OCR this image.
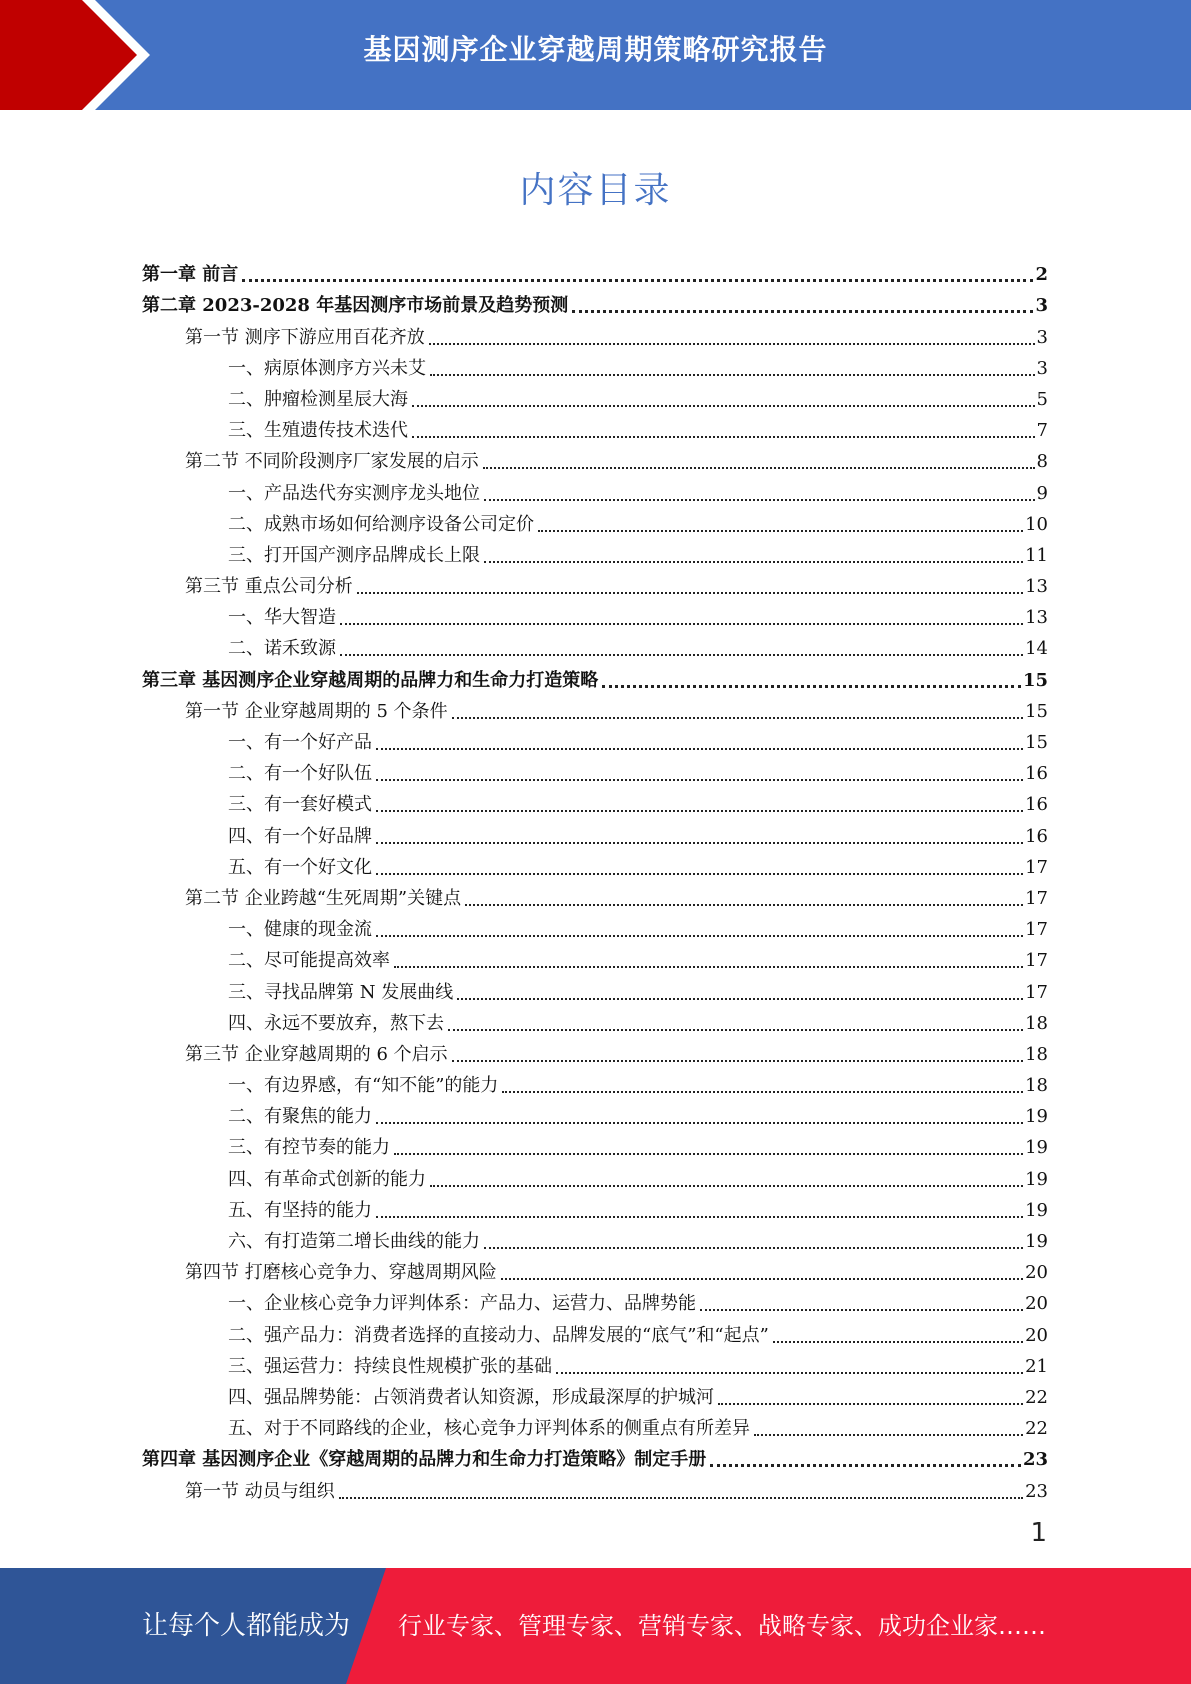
基因测序企业穿越周期策略研究报告
内容目录
第一章 前言	2
第二章 2023-2028 年基因测序市场前景及趋势预测	3
第一节 测序下游应用百花齐放	3
一、病原体测序方兴未艾	3
二、肿瘤检测星辰大海	5
三、生殖遗传技术迭代	7
第二节 不同阶段测序厂家发展的启示	8
一、产品迭代夯实测序龙头地位	9
二、成熟市场如何给测序设备公司定价	10
三、打开国产测序品牌成长上限	11
第三节 重点公司分析	13
一、华大智造	13
二、诺禾致源	14
第三章 基因测序企业穿越周期的品牌力和生命力打造策略	15
第一节 企业穿越周期的 5 个条件	15
一、有一个好产品	15
二、有一个好队伍	16
三、有一套好模式	16
四、有一个好品牌	16
五、有一个好文化	17
第二节 企业跨越“生死周期”关键点	17
一、健康的现金流	17
二、尽可能提高效率	17
三、寻找品牌第 N 发展曲线	17
四、永远不要放弃，熬下去	18
第三节 企业穿越周期的 6 个启示	18
一、有边界感，有“知不能”的能力	18
二、有聚焦的能力	19
三、有控节奏的能力	19
四、有革命式创新的能力	19
五、有坚持的能力	19
六、有打造第二增长曲线的能力	19
第四节 打磨核心竞争力、穿越周期风险	20
一、企业核心竞争力评判体系：产品力、运营力、品牌势能	20
二、强产品力：消费者选择的直接动力、品牌发展的“底气”和“起点”	20
三、强运营力：持续良性规模扩张的基础	21
四、强品牌势能：占领消费者认知资源，形成最深厚的护城河	22
五、对于不同路线的企业，核心竞争力评判体系的侧重点有所差异	22
第四章 基因测序企业《穿越周期的品牌力和生命力打造策略》制定手册	23
第一节 动员与组织	23
1
让每个人都能成为 行业专家、管理专家、营销专家、战略专家、成功企业家……
